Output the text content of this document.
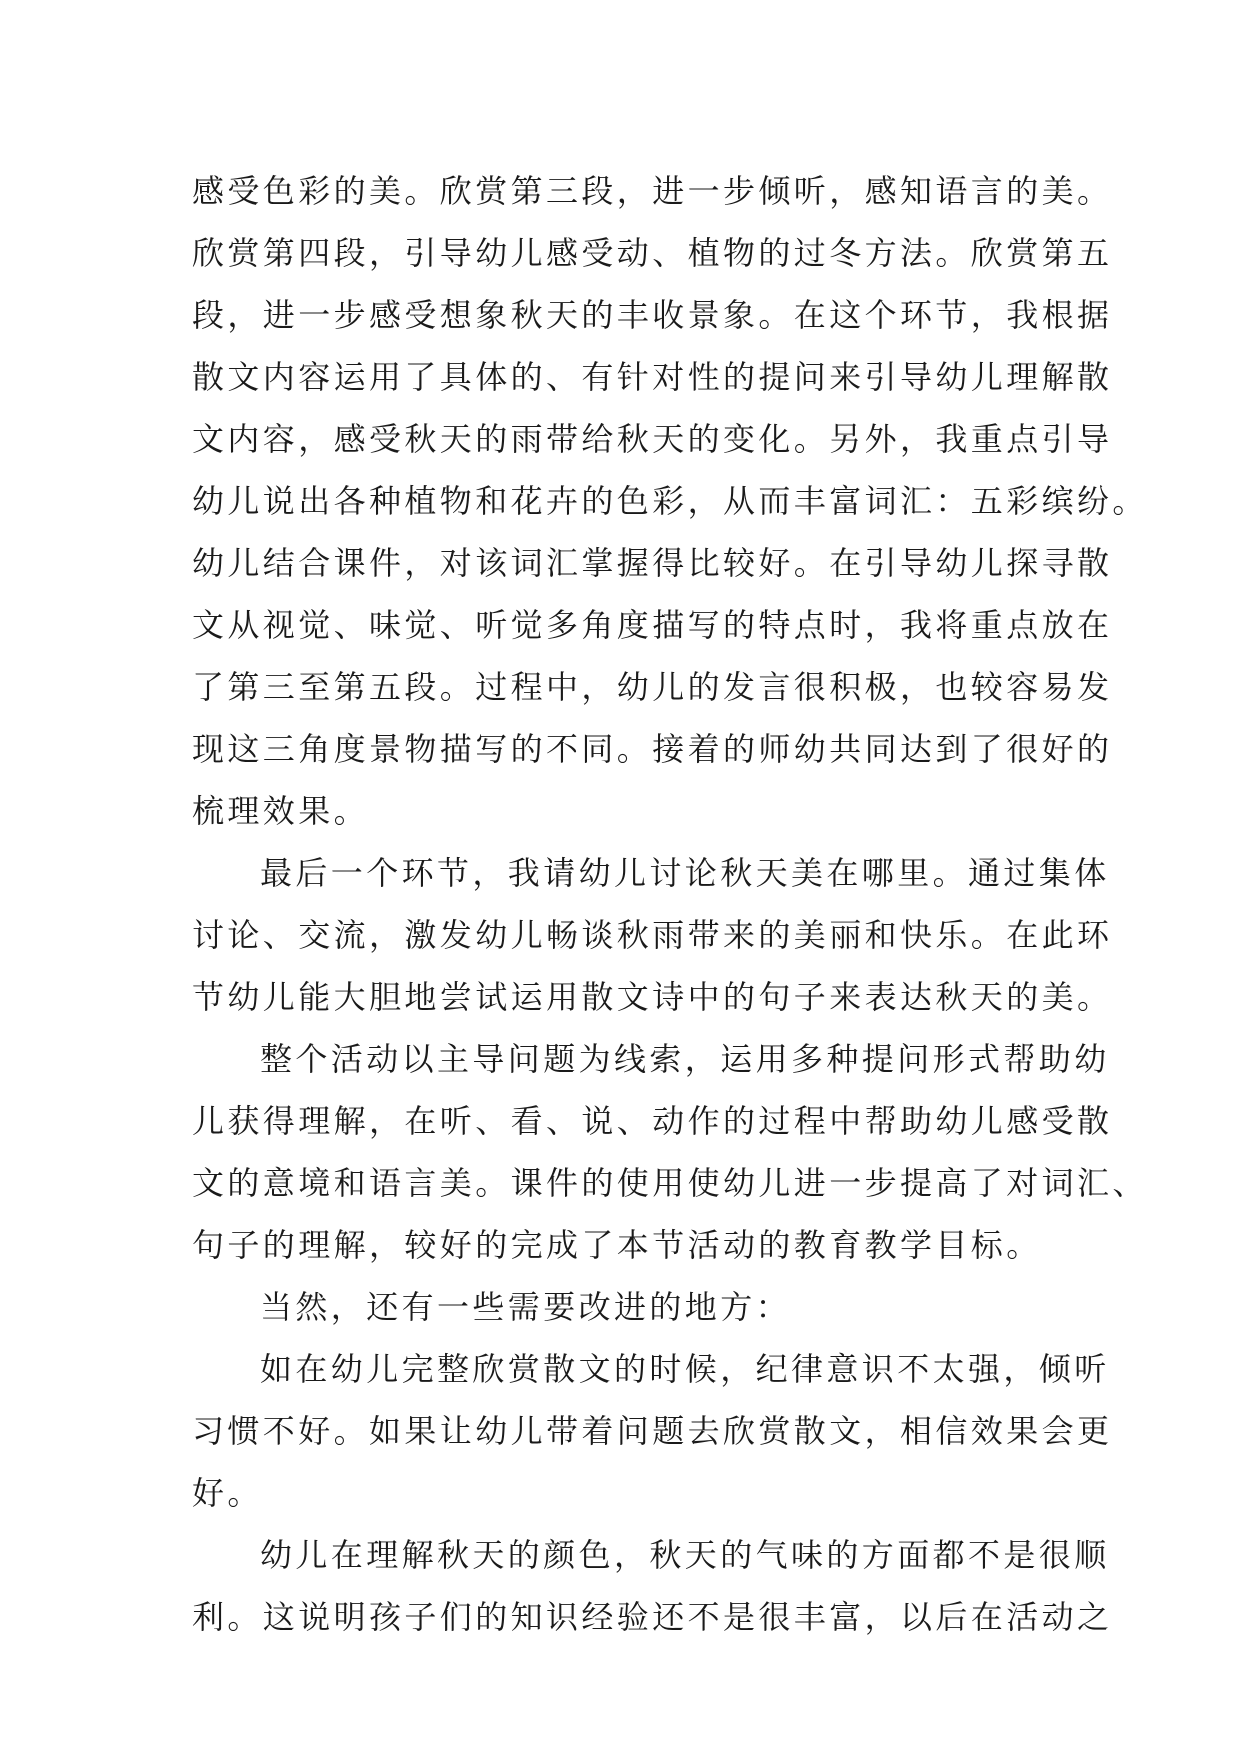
感受色彩的美。欣赏第三段，进一步倾听，感知语言的美。
欣赏第四段，引导幼儿感受动、植物的过冬方法。欣赏第五
段，进一步感受想象秋天的丰收景象。在这个环节，我根据
散文内容运用了具体的、有针对性的提问来引导幼儿理解散
文内容，感受秋天的雨带给秋天的变化。另外，我重点引导
幼儿说出各种植物和花卉的色彩，从而丰富词汇：五彩缤纷。
幼儿结合课件，对该词汇掌握得比较好。在引导幼儿探寻散
文从视觉、味觉、听觉多角度描写的特点时，我将重点放在
了第三至第五段。过程中，幼儿的发言很积极，也较容易发
现这三角度景物描写的不同。接着的师幼共同达到了很好的
梳理效果。
最后一个环节，我请幼儿讨论秋天美在哪里。通过集体
讨论、交流，激发幼儿畅谈秋雨带来的美丽和快乐。在此环
节幼儿能大胆地尝试运用散文诗中的句子来表达秋天的美。
整个活动以主导问题为线索，运用多种提问形式帮助幼
儿获得理解，在听、看、说、动作的过程中帮助幼儿感受散
文的意境和语言美。课件的使用使幼儿进一步提高了对词汇、
句子的理解，较好的完成了本节活动的教育教学目标。
当然，还有一些需要改进的地方：
如在幼儿完整欣赏散文的时候，纪律意识不太强，倾听
习惯不好。如果让幼儿带着问题去欣赏散文，相信效果会更
好。
幼儿在理解秋天的颜色，秋天的气味的方面都不是很顺
利。这说明孩子们的知识经验还不是很丰富，以后在活动之
